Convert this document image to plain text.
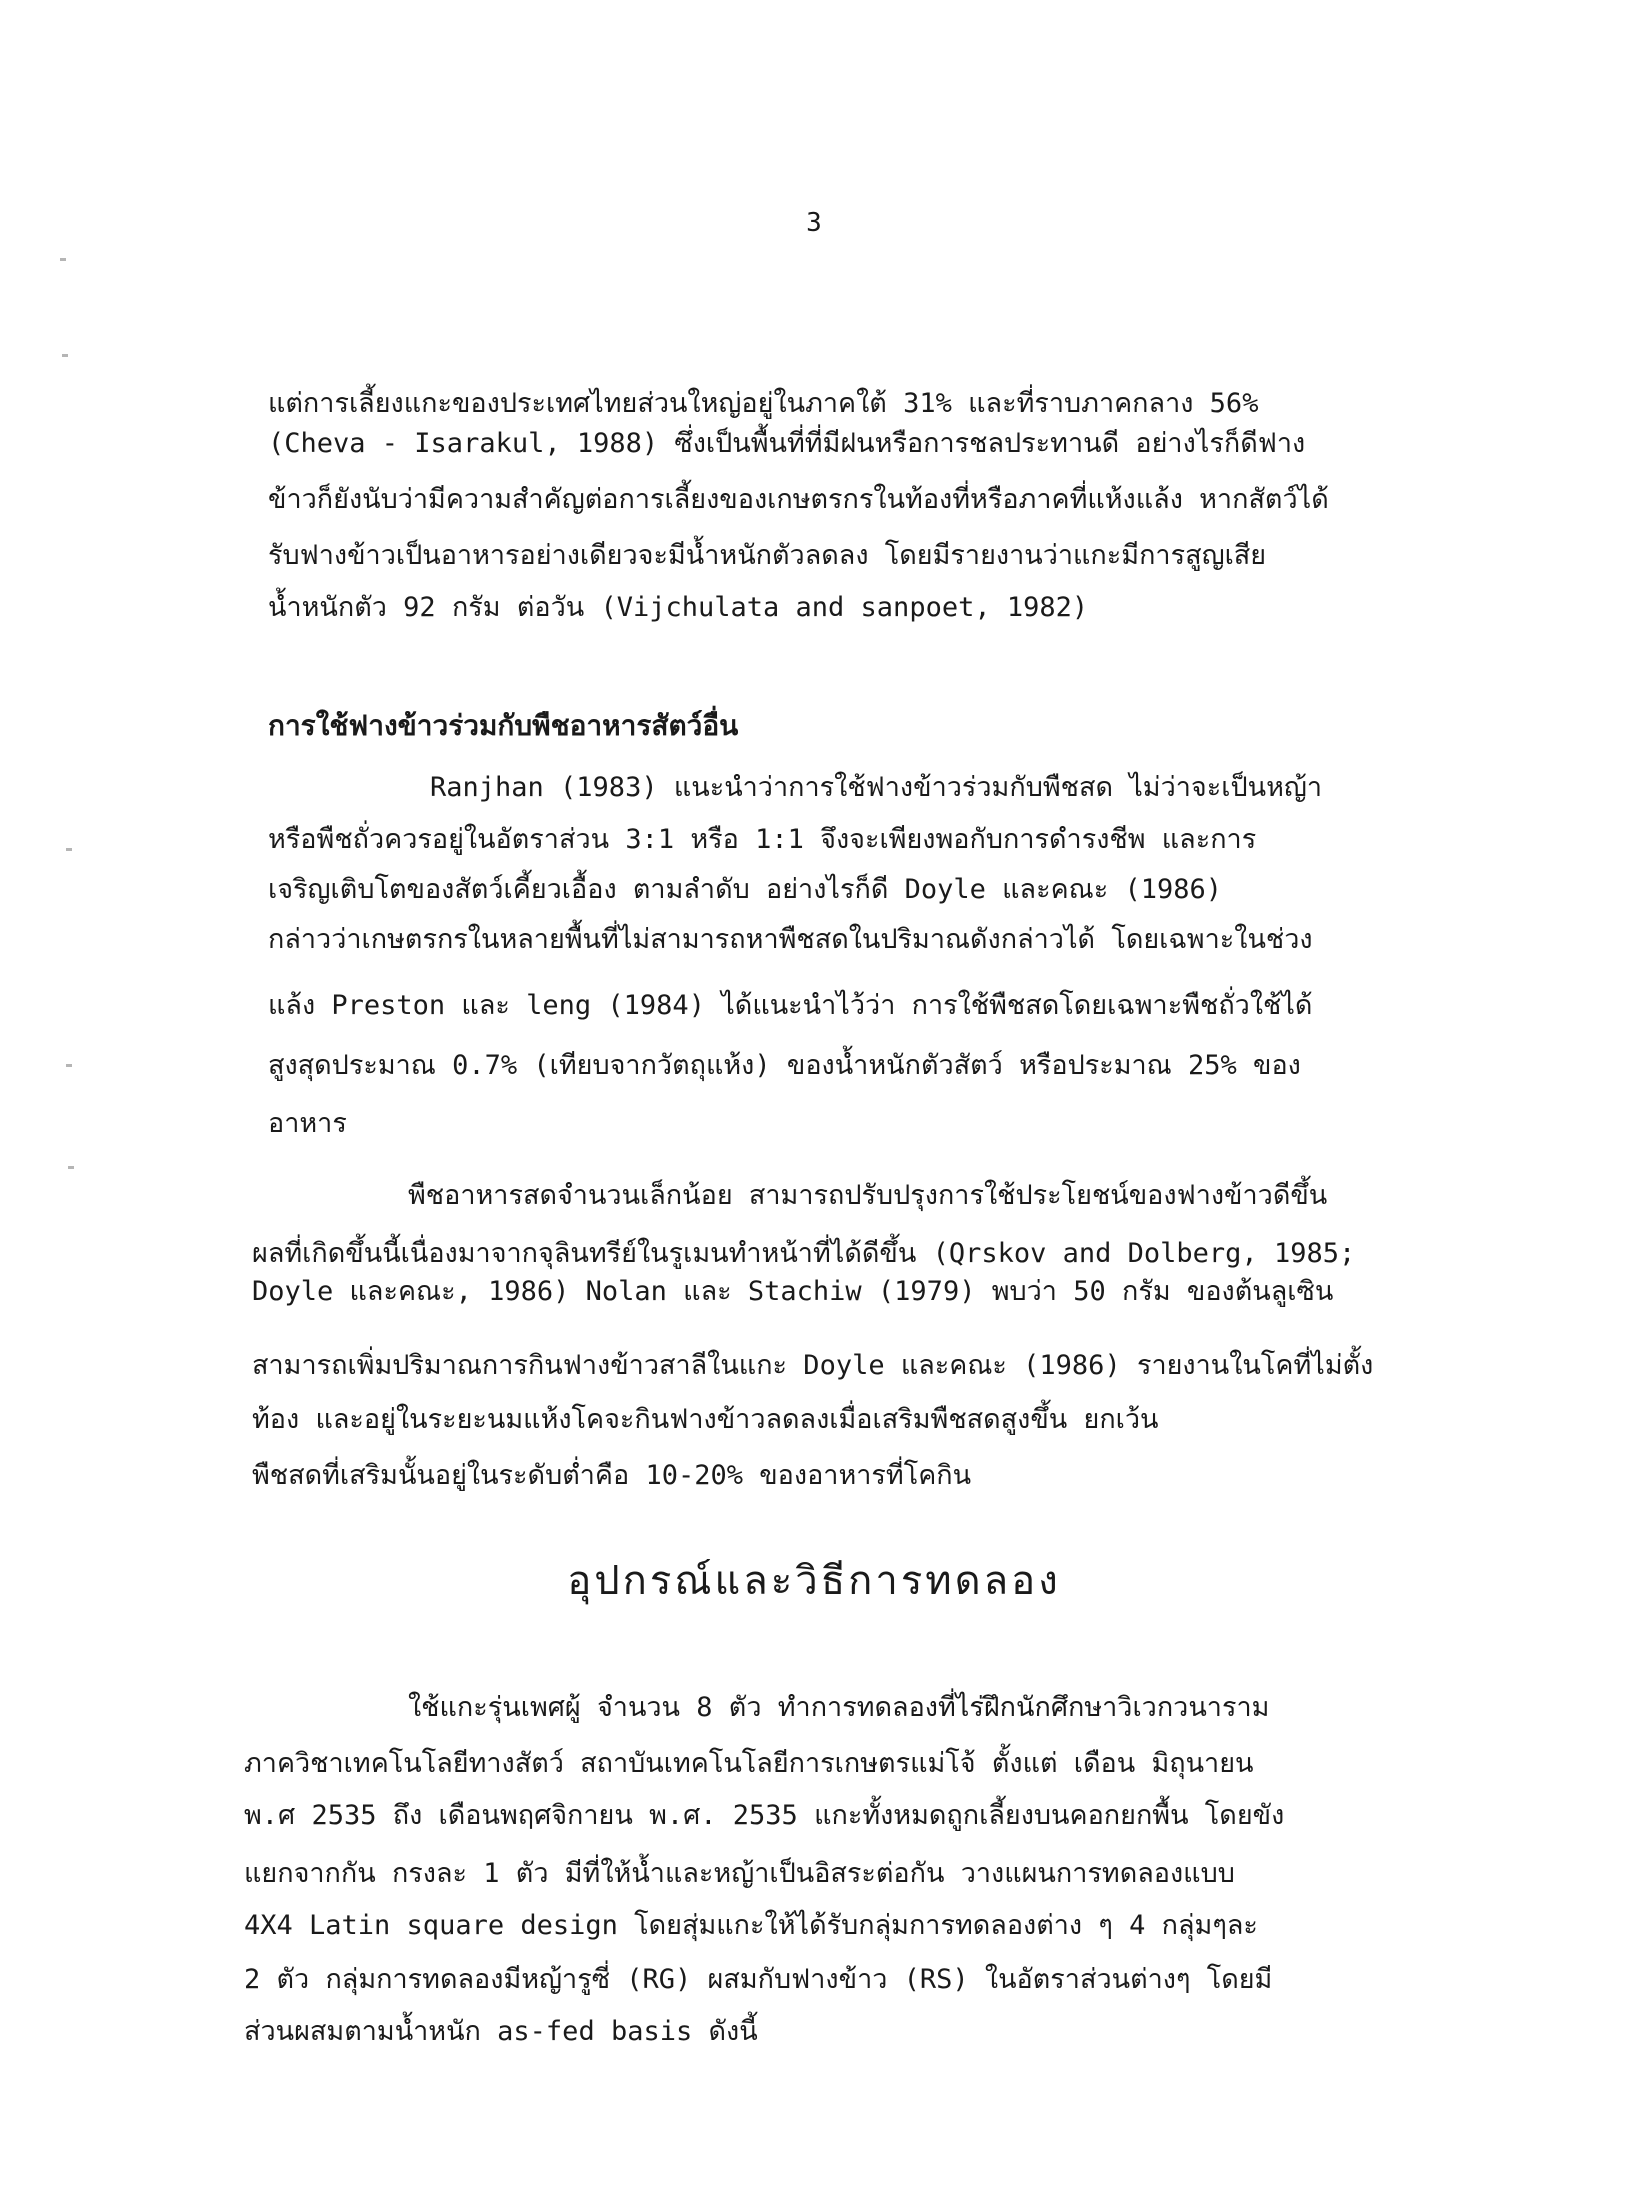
3
แต่การเลี้ยงแกะของประเทศไทยส่วนใหญ่อยู่ในภาคใต้ 31% และที่ราบภาคกลาง 56%
(Cheva - Isarakul, 1988) ซึ่งเป็นพื้นที่ที่มีฝนหรือการชลประทานดี อย่างไรก็ดีฟาง
ข้าวก็ยังนับว่ามีความสำคัญต่อการเลี้ยงของเกษตรกรในท้องที่หรือภาคที่แห้งแล้ง หากสัตว์ได้
รับฟางข้าวเป็นอาหารอย่างเดียวจะมีน้ำหนักตัวลดลง โดยมีรายงานว่าแกะมีการสูญเสีย
น้ำหนักตัว 92 กรัม ต่อวัน (Vijchulata and sanpoet, 1982)
การใช้ฟางข้าวร่วมกับพืชอาหารสัตว์อื่น
Ranjhan (1983) แนะนำว่าการใช้ฟางข้าวร่วมกับพืชสด ไม่ว่าจะเป็นหญ้า
หรือพืชถั่วควรอยู่ในอัตราส่วน 3:1 หรือ 1:1 จึงจะเพียงพอกับการดำรงชีพ และการ
เจริญเติบโตของสัตว์เคี้ยวเอื้อง ตามลำดับ อย่างไรก็ดี Doyle และคณะ (1986)
กล่าวว่าเกษตรกรในหลายพื้นที่ไม่สามารถหาพืชสดในปริมาณดังกล่าวได้ โดยเฉพาะในช่วง
แล้ง Preston และ leng (1984) ได้แนะนำไว้ว่า การใช้พืชสดโดยเฉพาะพืชถั่วใช้ได้
สูงสุดประมาณ 0.7% (เทียบจากวัตถุแห้ง) ของน้ำหนักตัวสัตว์ หรือประมาณ 25% ของ
อาหาร
พืชอาหารสดจำนวนเล็กน้อย สามารถปรับปรุงการใช้ประโยชน์ของฟางข้าวดีขึ้น
ผลที่เกิดขึ้นนี้เนื่องมาจากจุลินทรีย์ในรูเมนทำหน้าที่ได้ดีขึ้น (Qrskov and Dolberg, 1985;
Doyle และคณะ, 1986) Nolan และ Stachiw (1979) พบว่า 50 กรัม ของต้นลูเซิน
สามารถเพิ่มปริมาณการกินฟางข้าวสาลีในแกะ Doyle และคณะ (1986) รายงานในโคที่ไม่ตั้ง
ท้อง และอยู่ในระยะนมแห้งโคจะกินฟางข้าวลดลงเมื่อเสริมพืชสดสูงขึ้น ยกเว้น
พืชสดที่เสริมนั้นอยู่ในระดับต่ำคือ 10-20% ของอาหารที่โคกิน
อุปกรณ์และวิธีการทดลอง
ใช้แกะรุ่นเพศผู้ จำนวน 8 ตัว ทำการทดลองที่ไร่ฝึกนักศึกษาวิเวกวนาราม
ภาควิชาเทคโนโลยีทางสัตว์ สถาบันเทคโนโลยีการเกษตรแม่โจ้ ตั้งแต่ เดือน มิถุนายน
พ.ศ 2535 ถึง เดือนพฤศจิกายน พ.ศ. 2535 แกะทั้งหมดถูกเลี้ยงบนคอกยกพื้น โดยขัง
แยกจากกัน กรงละ 1 ตัว มีที่ให้น้ำและหญ้าเป็นอิสระต่อกัน วางแผนการทดลองแบบ
4X4 Latin square design โดยสุ่มแกะให้ได้รับกลุ่มการทดลองต่าง ๆ 4 กลุ่มๆละ
2 ตัว กลุ่มการทดลองมีหญ้ารูซี่ (RG) ผสมกับฟางข้าว (RS) ในอัตราส่วนต่างๆ โดยมี
ส่วนผสมตามน้ำหนัก as-fed basis ดังนี้
